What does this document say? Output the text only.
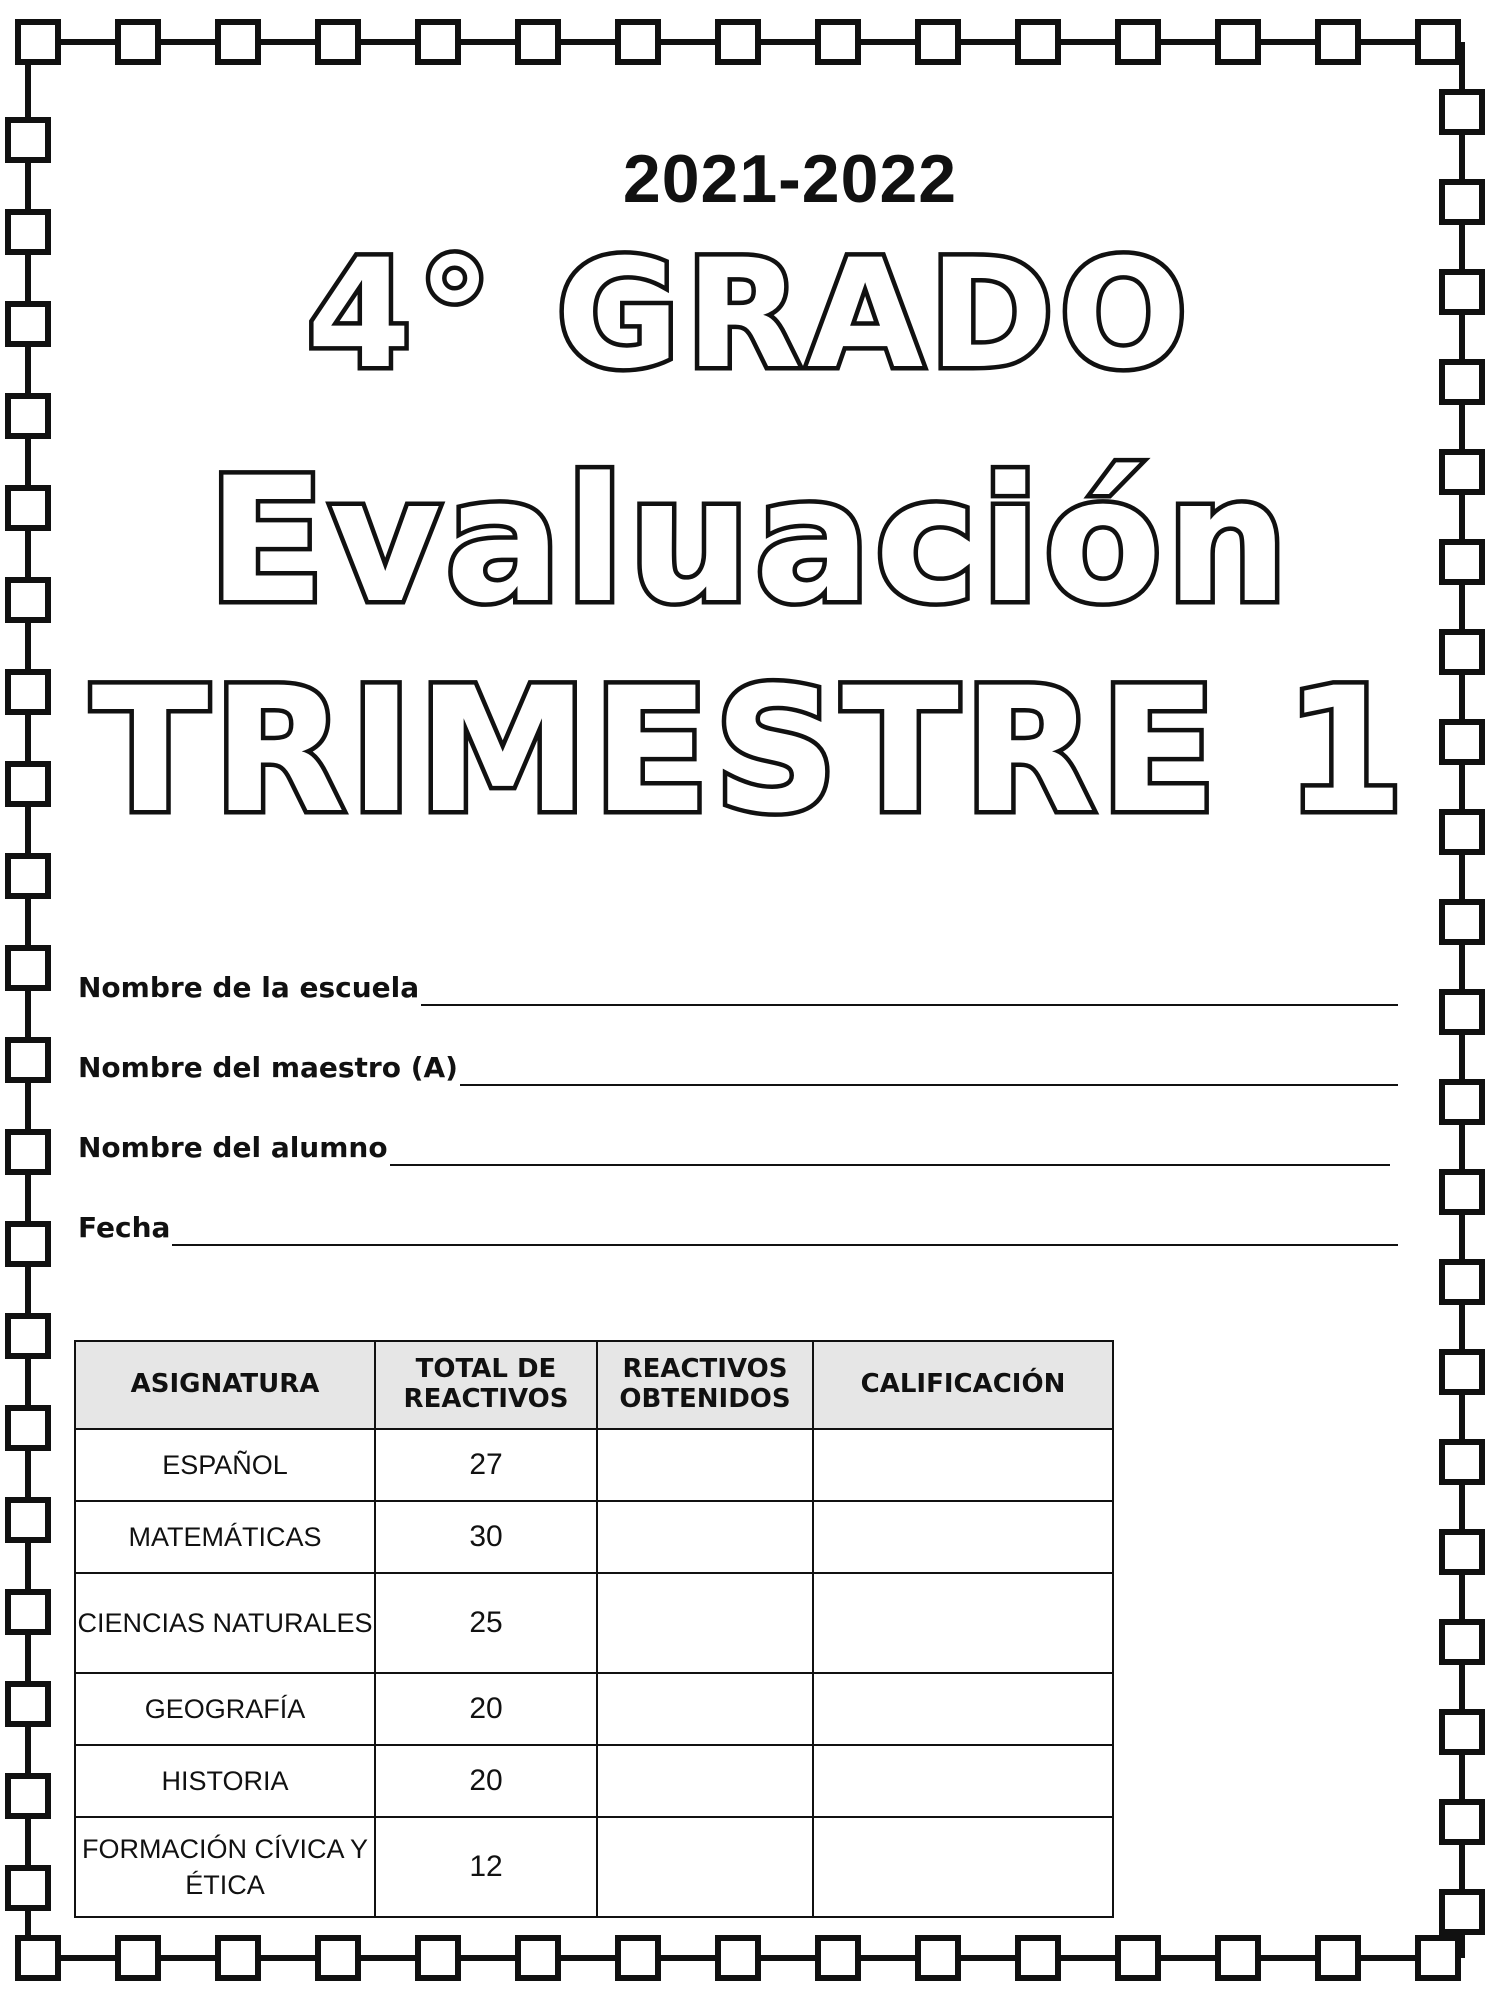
2021-2022
4° GRADO
Evaluación
TRIMESTRE 1
Nombre de la escuela
Nombre del maestro (A)
Nombre del alumno
Fecha
ASIGNATURA	TOTAL DE REACTIVOS	REACTIVOS OBTENIDOS	CALIFICACIÓN
ESPAÑOL	27		
MATEMÁTICAS	30		
CIENCIAS NATURALES	25		
GEOGRAFÍA	20		
HISTORIA	20		
FORMACIÓN CÍVICA Y ÉTICA	12		
